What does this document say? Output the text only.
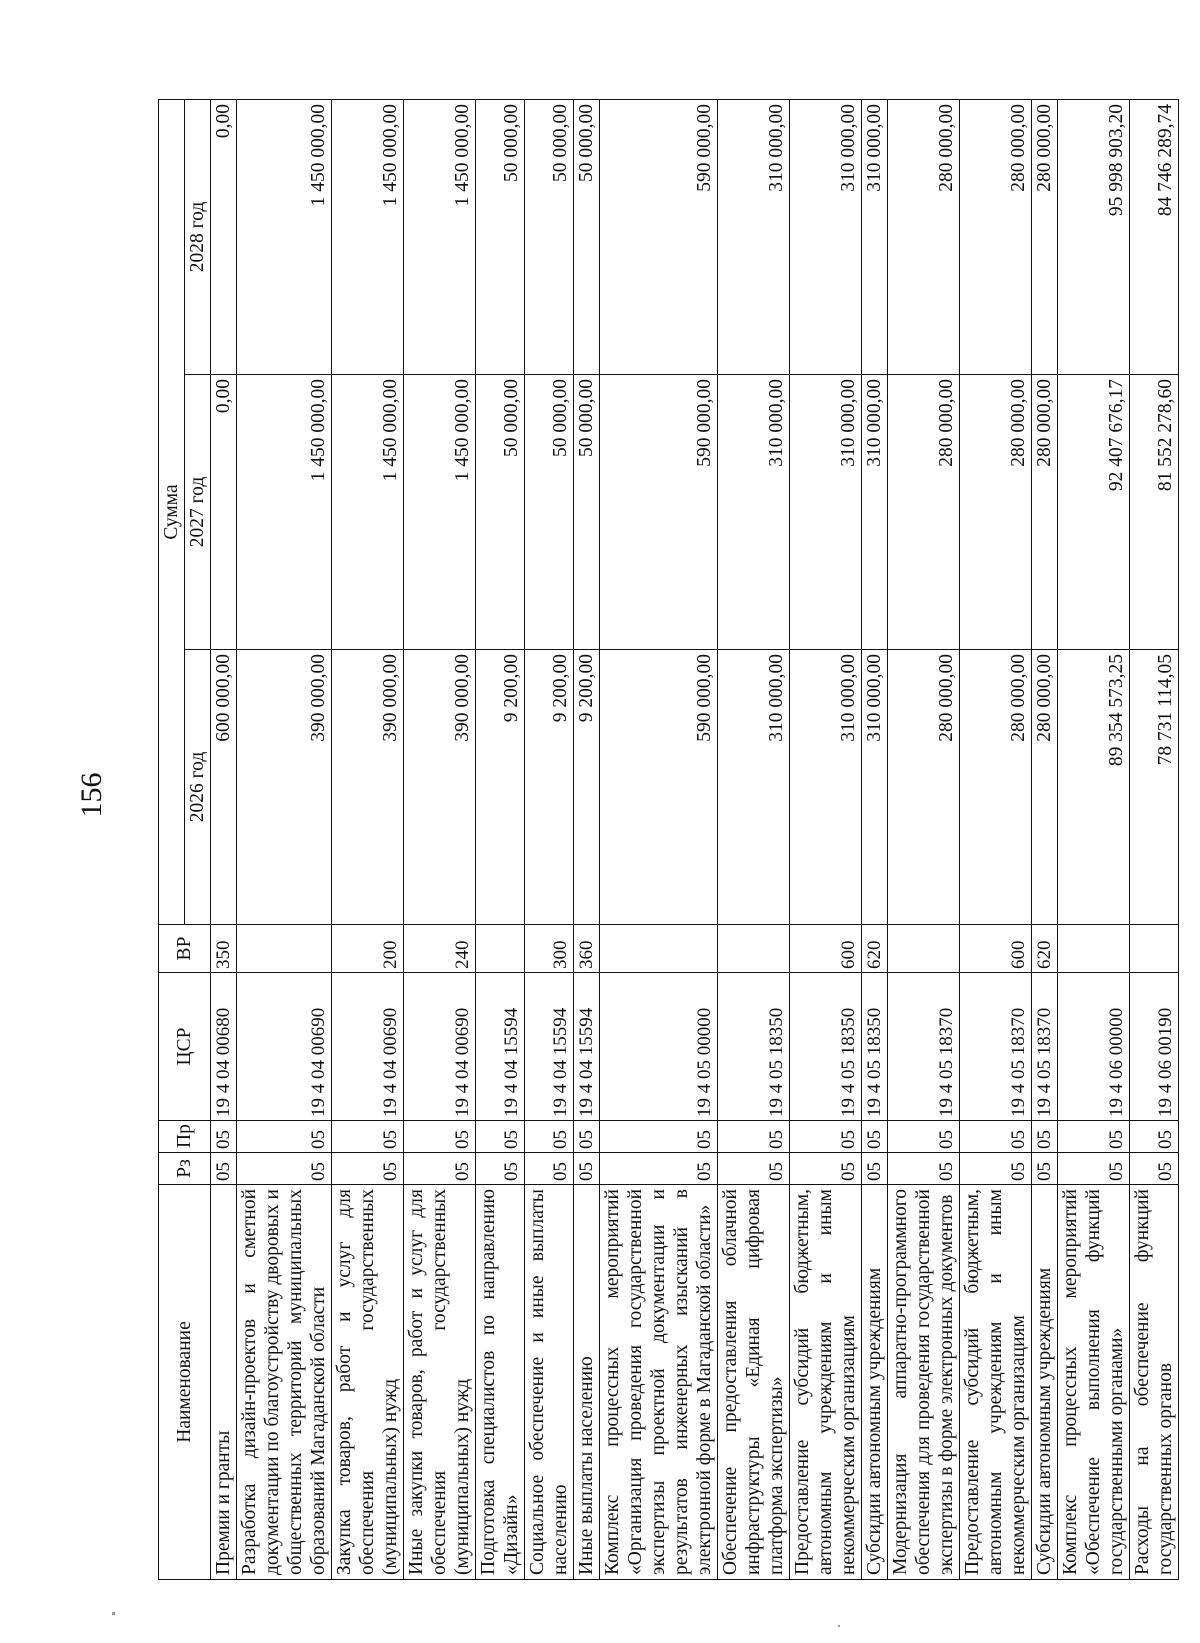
156
Наименование	Рз	Пр	ЦСР	ВР	Сумма		
					2026 год	2027 год	2028 год
Премии и гранты	05	05	19 4 04 00680	350	600 000,00	0,00	0,00
Разработка дизайн-проектов и сметной документации по благоустройству дворовых и общественных территорий муниципальных образований Магаданской области	05	05	19 4 04 00690		390 000,00	1 450 000,00	1 450 000,00
Закупка товаров, работ и услуг для обеспечения государственных (муниципальных) нужд	05	05	19 4 04 00690	200	390 000,00	1 450 000,00	1 450 000,00
Иные закупки товаров, работ и услуг для обеспечения государственных (муниципальных) нужд	05	05	19 4 04 00690	240	390 000,00	1 450 000,00	1 450 000,00
Подготовка специалистов по направлению «Дизайн»	05	05	19 4 04 15594		9 200,00	50 000,00	50 000,00
Социальное обеспечение и иные выплаты населению	05	05	19 4 04 15594	300	9 200,00	50 000,00	50 000,00
Иные выплаты населению	05	05	19 4 04 15594	360	9 200,00	50 000,00	50 000,00
Комплекс процессных мероприятий «Организация проведения государственной экспертизы проектной документации и результатов инженерных изысканий в электронной форме в Магаданской области»	05	05	19 4 05 00000		590 000,00	590 000,00	590 000,00
Обеспечение предоставления облачной инфраструктуры «Единая цифровая платформа экспертизы»	05	05	19 4 05 18350		310 000,00	310 000,00	310 000,00
Предоставление субсидий бюджетным, автономным учреждениям и иным некоммерческим организациям	05	05	19 4 05 18350	600	310 000,00	310 000,00	310 000,00
Субсидии автономным учреждениям	05	05	19 4 05 18350	620	310 000,00	310 000,00	310 000,00
Модернизация аппаратно-программного обеспечения для проведения государственной экспертизы в форме электронных документов	05	05	19 4 05 18370		280 000,00	280 000,00	280 000,00
Предоставление субсидий бюджетным, автономным учреждениям и иным некоммерческим организациям	05	05	19 4 05 18370	600	280 000,00	280 000,00	280 000,00
Субсидии автономным учреждениям	05	05	19 4 05 18370	620	280 000,00	280 000,00	280 000,00
Комплекс процессных мероприятий «Обеспечение выполнения функций государственными органами»	05	05	19 4 06 00000		89 354 573,25	92 407 676,17	95 998 903,20
Расходы на обеспечение функций государственных органов	05	05	19 4 06 00190		78 731 114,05	81 552 278,60	84 746 289,74
